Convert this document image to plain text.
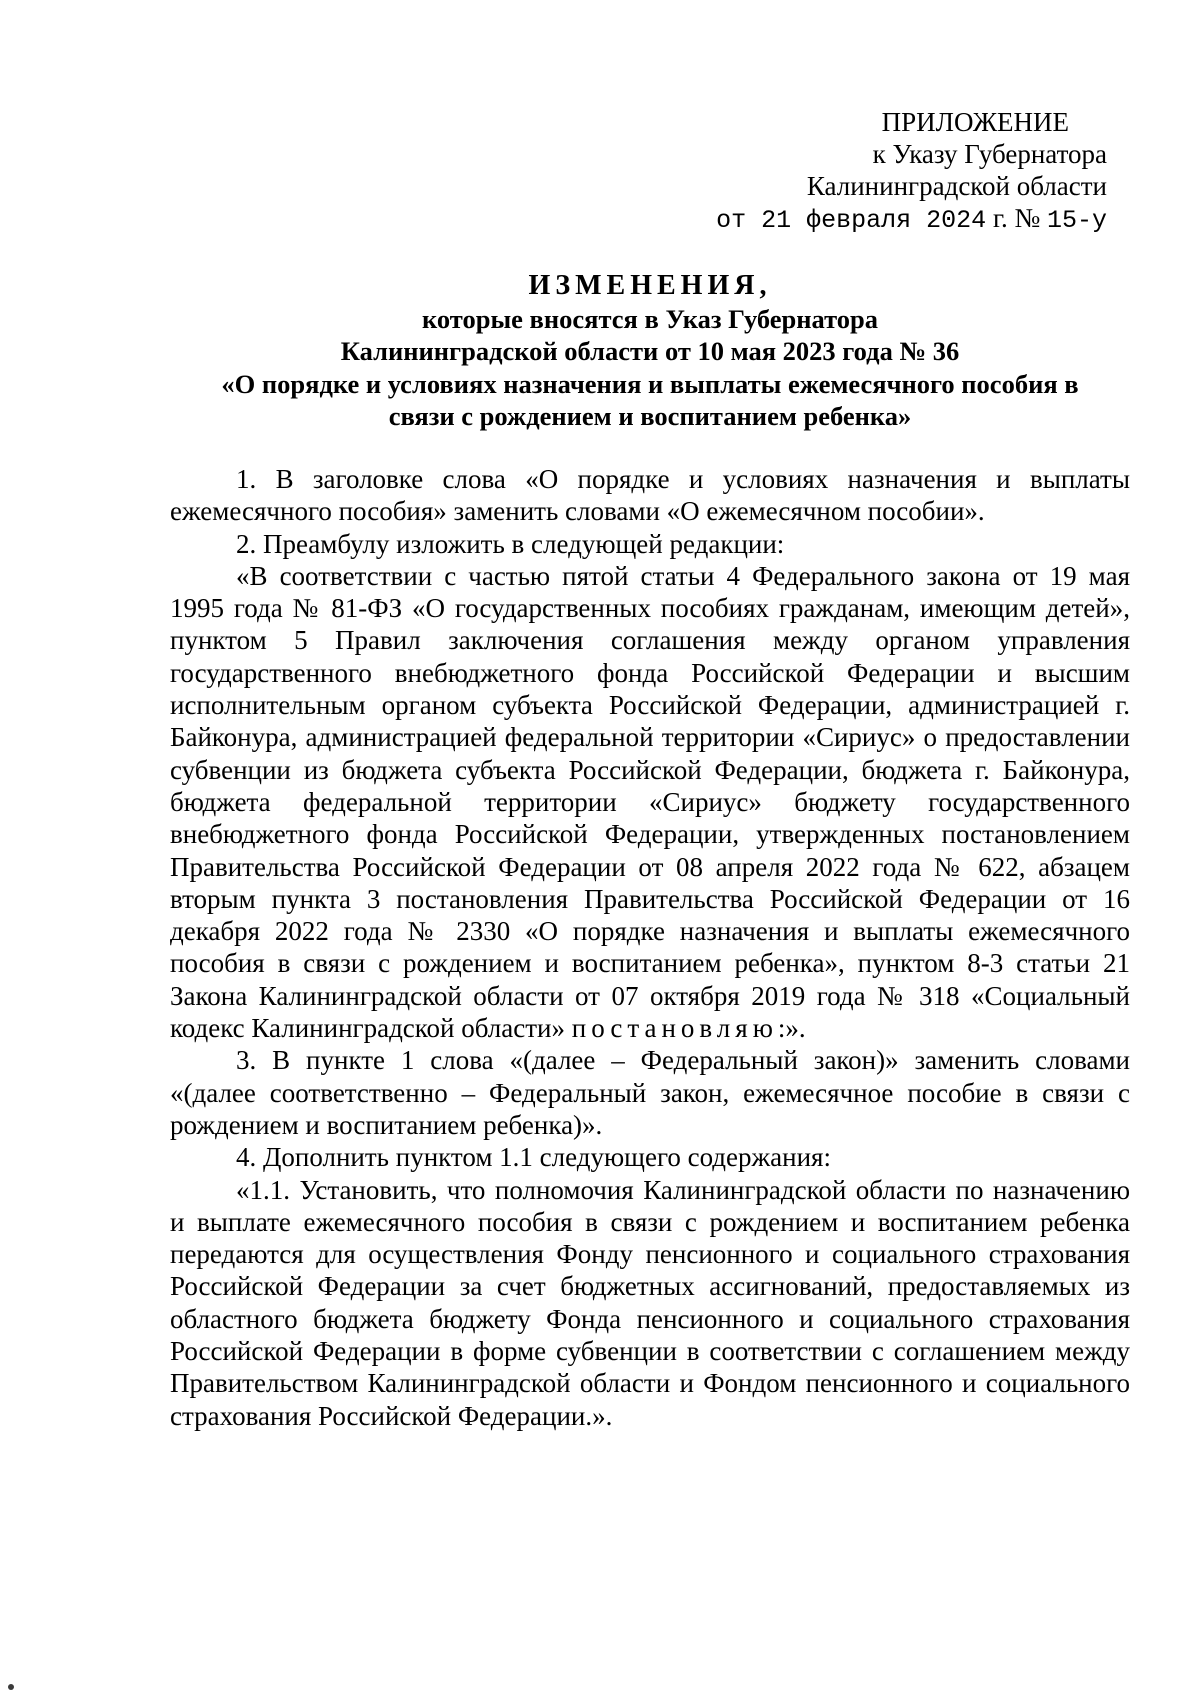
ПРИЛОЖЕНИЕ
к Указу Губернатора
Калининградской области
от 21 февраля 2024 г. № 15-у
ИЗМЕНЕНИЯ,
которые вносятся в Указ Губернатора
Калининградской области от 10 мая 2023 года № 36
«О порядке и условиях назначения и выплаты ежемесячного пособия в
связи с рождением и воспитанием ребенка»

1. В заголовке слова «О порядке и условиях назначения и выплаты ежемесячного пособия» заменить словами «О ежемесячном пособии».

2. Преамбулу изложить в следующей редакции:

«В соответствии с частью пятой статьи 4 Федерального закона от 19 мая 1995 года № 81-ФЗ «О государственных пособиях гражданам, имеющим детей», пунктом 5 Правил заключения соглашения между органом управления государственного внебюджетного фонда Российской Федерации и высшим исполнительным органом субъекта Российской Федерации, администрацией г. Байконура, администрацией федеральной территории «Сириус» о предоставлении субвенции из бюджета субъекта Российской Федерации, бюджета г. Байконура, бюджета федеральной территории «Сириус» бюджету государственного внебюджетного фонда Российской Федерации, утвержденных постановлением Правительства Российской Федерации от 08 апреля 2022 года № 622, абзацем вторым пункта 3 постановления Правительства Российской Федерации от 16 декабря 2022 года № 2330 «О порядке назначения и выплаты ежемесячного пособия в связи с рождением и воспитанием ребенка», пунктом 8-3 статьи 21 Закона Калининградской области от 07 октября 2019 года № 318 «Социальный кодекс Калининградской области» постановляю:».

3. В пункте 1 слова «(далее – Федеральный закон)» заменить словами «(далее соответственно – Федеральный закон, ежемесячное пособие в связи с рождением и воспитанием ребенка)».

4. Дополнить пунктом 1.1 следующего содержания:

«1.1. Установить, что полномочия Калининградской области по назначению и выплате ежемесячного пособия в связи с рождением и воспитанием ребенка передаются для осуществления Фонду пенсионного и социального страхования Российской Федерации за счет бюджетных ассигнований, предоставляемых из областного бюджета бюджету Фонда пенсионного и социального страхования Российской Федерации в форме субвенции в соответствии с соглашением между Правительством Калининградской области и Фондом пенсионного и социального страхования Российской Федерации.».
